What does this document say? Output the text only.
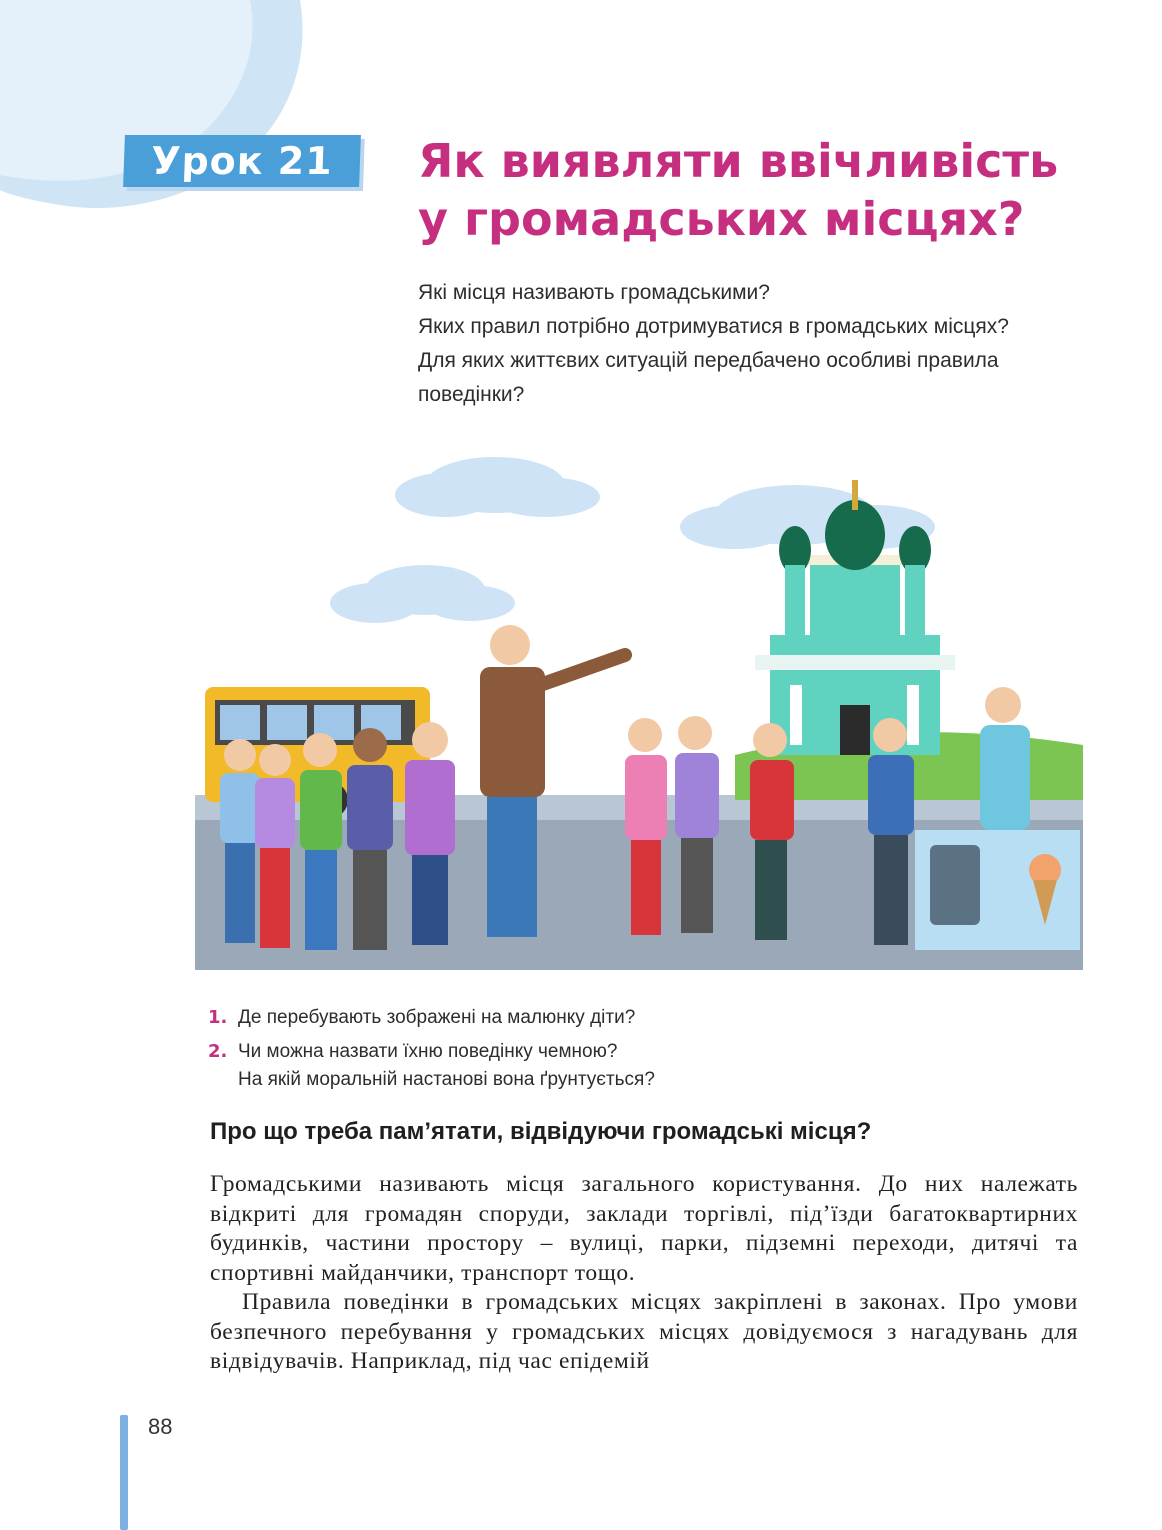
Урок 21	Як виявляти ввічливість
у громадських місцях?

Які місця називають громадськими?

Яких правил потрібно дотримуватися в громадських місцях?

Для яких життєвих ситуацій передбачено особливі правила поведінки?

1. Де перебувають зображені на малюнку діти?
2. Чи можна назвати їхню поведінку чемною?
На якій моральній настанові вона ґрунтується?
Про що треба пам’ятати, відвідуючи громадські місця?

Громадськими називають місця загального користування. До них належать відкриті для громадян споруди, заклади торгівлі, під’їзди багатоквартирних будинків, частини простору – вулиці, парки, підземні переходи, дитячі та спортивні майданчики, транспорт тощо.

Правила поведінки в громадських місцях закріплені в законах. Про умови безпечного перебування у громадських місцях довідуємося з нагадувань для відвідувачів. Наприклад, під час епідемій

88
